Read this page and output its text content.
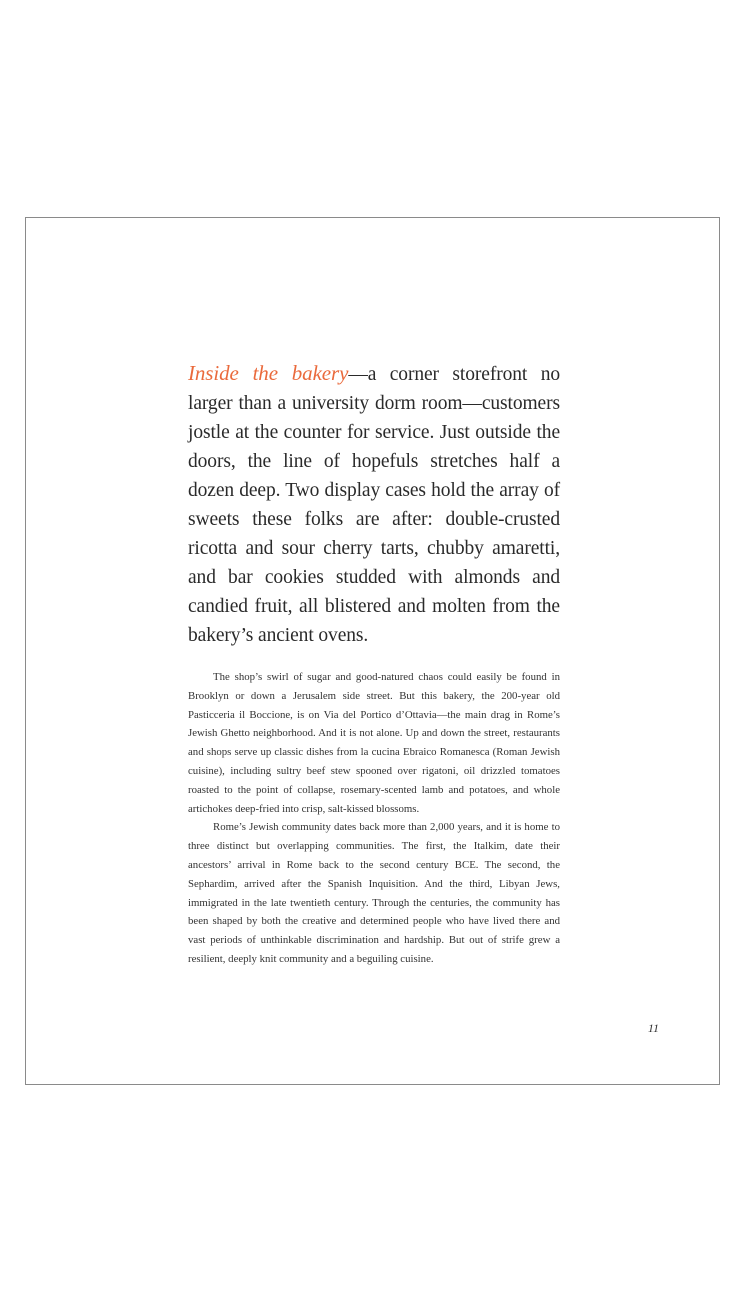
Inside the bakery—a corner storefront no larger than a university dorm room—customers jostle at the counter for service. Just outside the doors, the line of hopefuls stretches half a dozen deep. Two display cases hold the array of sweets these folks are after: double-crusted ricotta and sour cherry tarts, chubby amaretti, and bar cookies studded with almonds and candied fruit, all blistered and molten from the bakery’s ancient ovens.

The shop’s swirl of sugar and good-natured chaos could easily be found in Brooklyn or down a Jerusalem side street. But this bakery, the 200-year old Pasticceria il Boccione, is on Via del Portico d’Ottavia—the main drag in Rome’s Jewish Ghetto neighborhood. And it is not alone. Up and down the street, restaurants and shops serve up classic dishes from la cucina Ebraico Romanesca (Roman Jewish cuisine), including sultry beef stew spooned over rigatoni, oil drizzled tomatoes roasted to the point of collapse, rosemary-scented lamb and potatoes, and whole artichokes deep-fried into crisp, salt-kissed blossoms.

Rome’s Jewish community dates back more than 2,000 years, and it is home to three distinct but overlapping communities. The first, the Italkim, date their ancestors’ arrival in Rome back to the second century BCE. The second, the Sephardim, arrived after the Spanish Inquisition. And the third, Libyan Jews, immigrated in the late twentieth century. Through the centuries, the community has been shaped by both the creative and determined people who have lived there and vast periods of unthinkable discrimination and hardship. But out of strife grew a resilient, deeply knit community and a beguiling cuisine.

11
